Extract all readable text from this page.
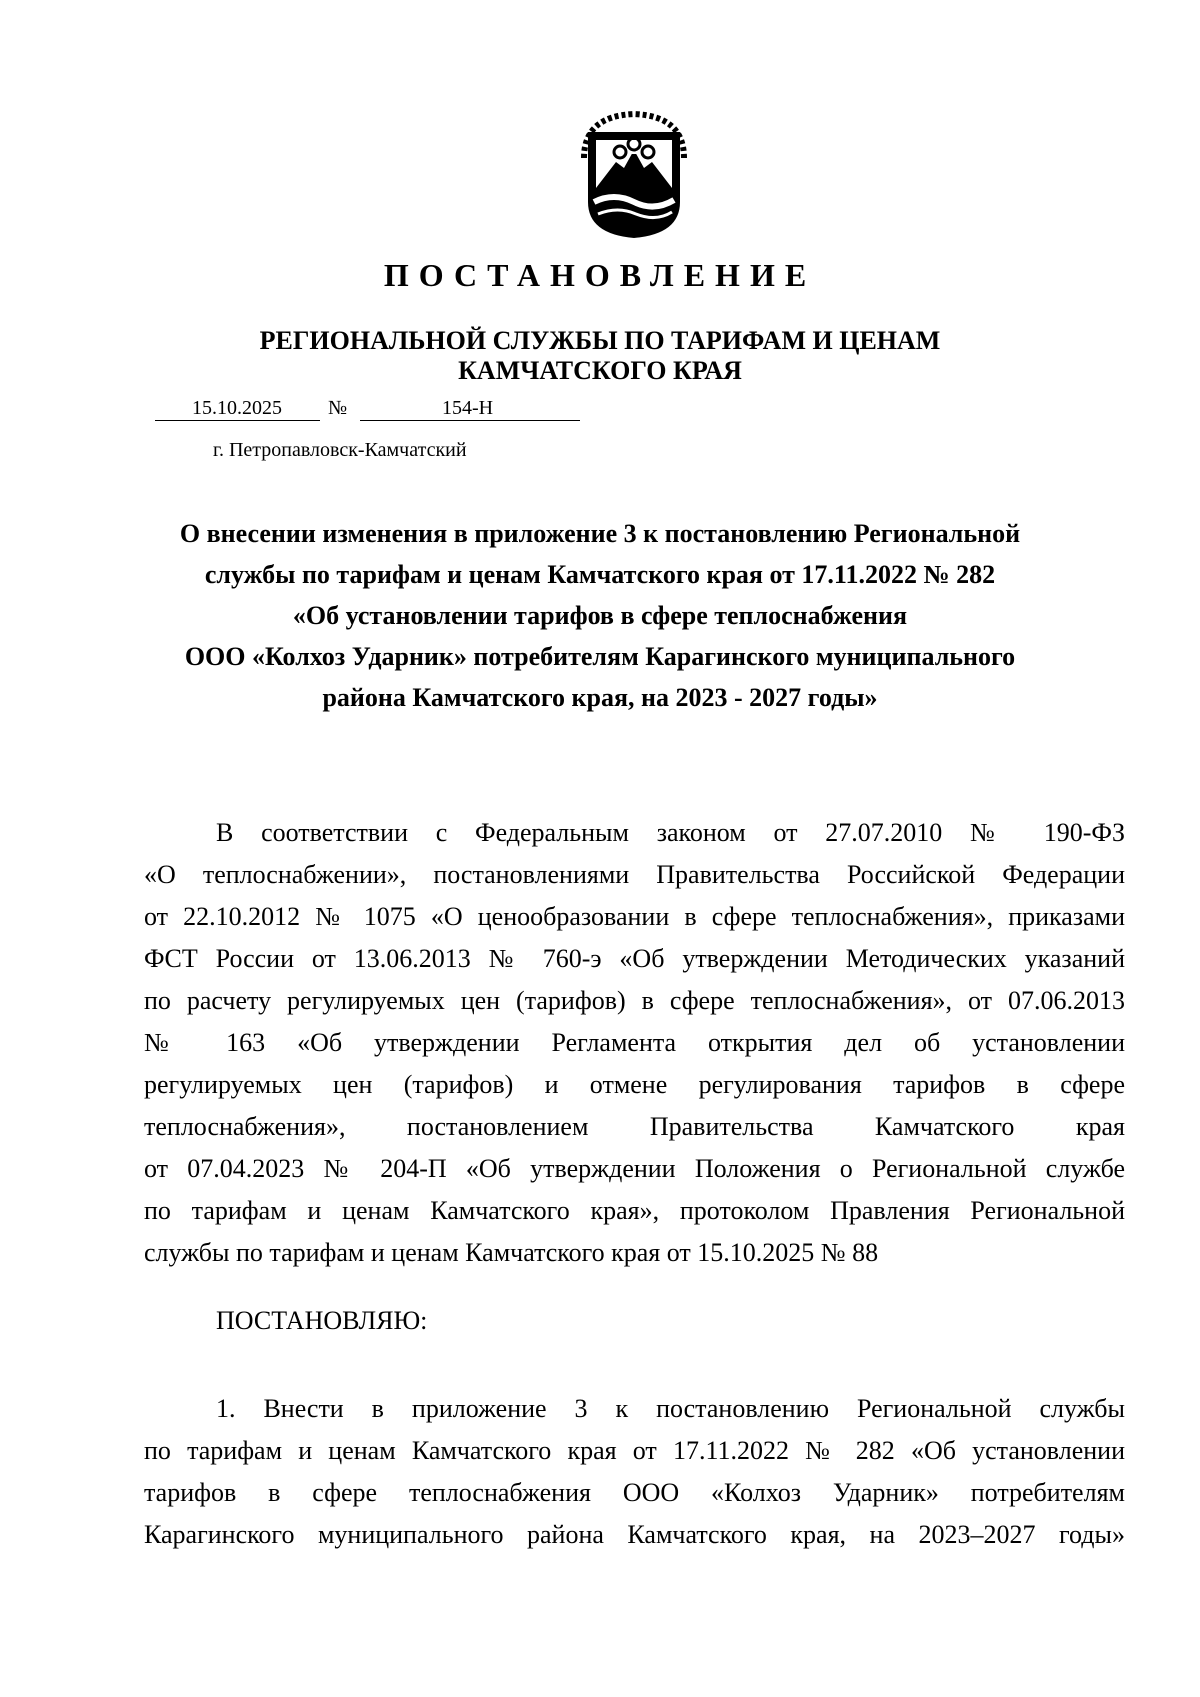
ПОСТАНОВЛЕНИЕ
РЕГИОНАЛЬНОЙ СЛУЖБЫ ПО ТАРИФАМ И ЦЕНАМ
КАМЧАТСКОГО КРАЯ
15.10.2025	№	154-Н
г. Петропавловск-Камчатский
О внесении изменения в приложение 3 к постановлению Региональной
службы по тарифам и ценам Камчатского края от 17.11.2022 № 282
«Об установлении тарифов в сфере теплоснабжения
ООО «Колхоз Ударник» потребителям Карагинского муниципального
района Камчатского края, на 2023 - 2027 годы»
В соответствии с Федеральным законом от 27.07.2010 № 190-ФЗ
«О теплоснабжении», постановлениями Правительства Российской Федерации
от 22.10.2012 № 1075 «О ценообразовании в сфере теплоснабжения», приказами
ФСТ России от 13.06.2013 № 760-э «Об утверждении Методических указаний
по расчету регулируемых цен (тарифов) в сфере теплоснабжения», от 07.06.2013
№ 163 «Об утверждении Регламента открытия дел об установлении
регулируемых цен (тарифов) и отмене регулирования тарифов в сфере
теплоснабжения», постановлением Правительства Камчатского края
от 07.04.2023 № 204-П «Об утверждении Положения о Региональной службе
по тарифам и ценам Камчатского края», протоколом Правления Региональной
службы по тарифам и ценам Камчатского края от 15.10.2025 № 88
ПОСТАНОВЛЯЮ:
1. Внести в приложение 3 к постановлению Региональной службы
по тарифам и ценам Камчатского края от 17.11.2022 № 282 «Об установлении
тарифов в сфере теплоснабжения ООО «Колхоз Ударник» потребителям
Карагинского муниципального района Камчатского края, на 2023–2027 годы»
